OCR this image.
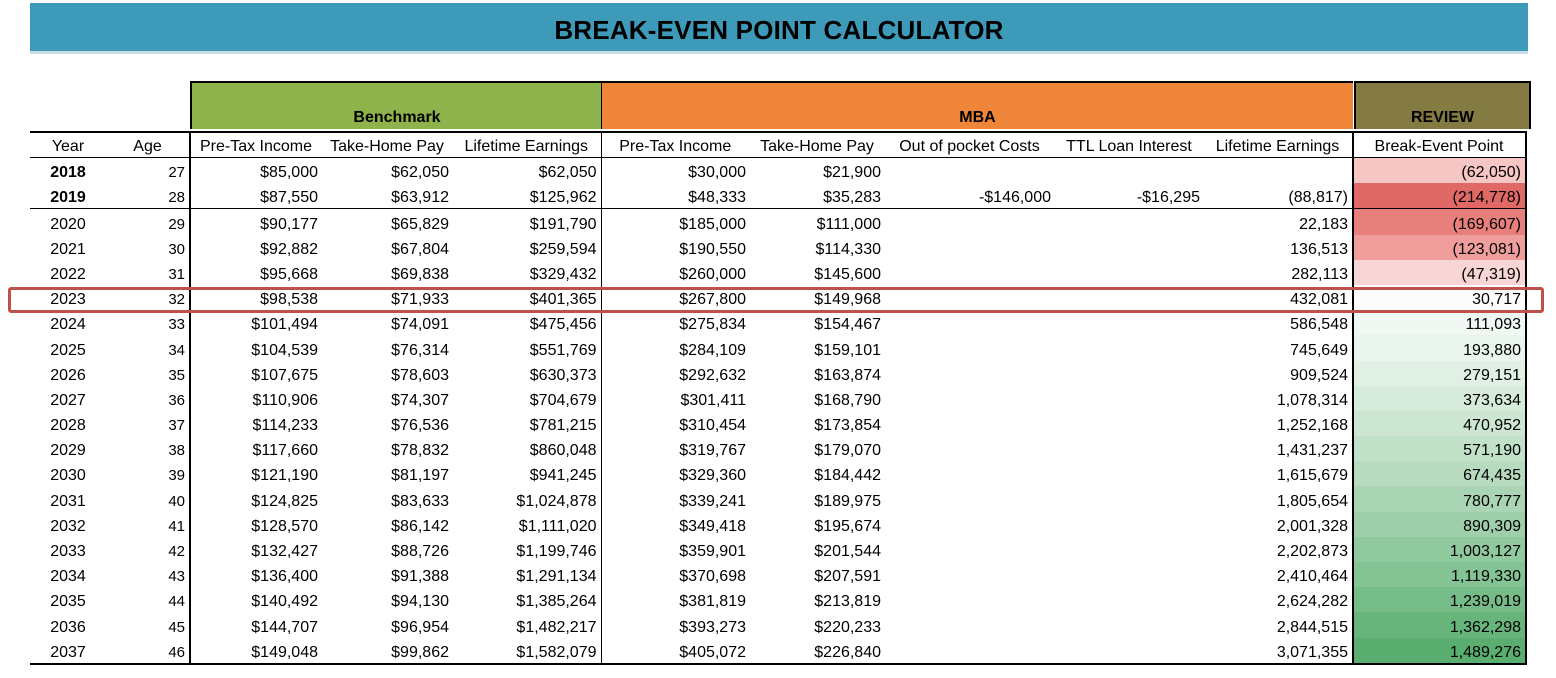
BREAK-EVEN POINT CALCULATOR
Benchmark	MBA	REVIEW
Year	Age	Pre-Tax Income	Take-Home Pay	Lifetime Earnings	Pre-Tax Income	Take-Home Pay	Out of pocket Costs	TTL Loan Interest	Lifetime Earnings	Break-Event Point
2018	27	$85,000	$62,050	$62,050	$30,000	$21,900				(62,050)
2019	28	$87,550	$63,912	$125,962	$48,333	$35,283	-$146,000	-$16,295	(88,817)	(214,778)
2020	29	$90,177	$65,829	$191,790	$185,000	$111,000			22,183	(169,607)
2021	30	$92,882	$67,804	$259,594	$190,550	$114,330			136,513	(123,081)
2022	31	$95,668	$69,838	$329,432	$260,000	$145,600			282,113	(47,319)
2023	32	$98,538	$71,933	$401,365	$267,800	$149,968			432,081	30,717
2024	33	$101,494	$74,091	$475,456	$275,834	$154,467			586,548	111,093
2025	34	$104,539	$76,314	$551,769	$284,109	$159,101			745,649	193,880
2026	35	$107,675	$78,603	$630,373	$292,632	$163,874			909,524	279,151
2027	36	$110,906	$74,307	$704,679	$301,411	$168,790			1,078,314	373,634
2028	37	$114,233	$76,536	$781,215	$310,454	$173,854			1,252,168	470,952
2029	38	$117,660	$78,832	$860,048	$319,767	$179,070			1,431,237	571,190
2030	39	$121,190	$81,197	$941,245	$329,360	$184,442			1,615,679	674,435
2031	40	$124,825	$83,633	$1,024,878	$339,241	$189,975			1,805,654	780,777
2032	41	$128,570	$86,142	$1,111,020	$349,418	$195,674			2,001,328	890,309
2033	42	$132,427	$88,726	$1,199,746	$359,901	$201,544			2,202,873	1,003,127
2034	43	$136,400	$91,388	$1,291,134	$370,698	$207,591			2,410,464	1,119,330
2035	44	$140,492	$94,130	$1,385,264	$381,819	$213,819			2,624,282	1,239,019
2036	45	$144,707	$96,954	$1,482,217	$393,273	$220,233			2,844,515	1,362,298
2037	46	$149,048	$99,862	$1,582,079	$405,072	$226,840			3,071,355	1,489,276
